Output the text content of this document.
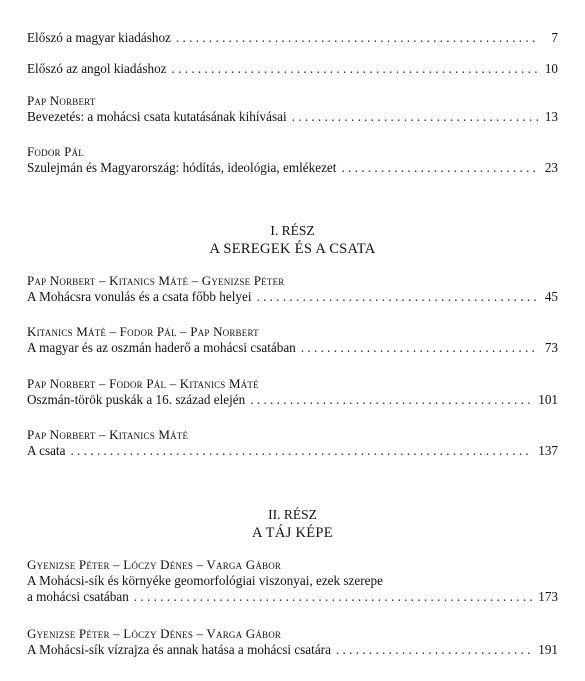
Előszó a magyar kiadáshoz . . .	7
Előszó az angol kiadáshoz . . .	10
Pap Norbert
Bevezetés: a mohácsi csata kutatásának kihívásai . . .	13
Fodor Pál
Szulejmán és Magyarország: hódítás, ideológia, emlékezet . . .	23
I. RÉSZ
A SEREGEK ÉS A CSATA
Pap Norbert – Kitanics Máté – Gyenizse Péter
A Mohácsra vonulás és a csata főbb helyei . . .	45
Kitanics Máté – Fodor Pál – Pap Norbert
A magyar és az oszmán haderő a mohácsi csatában . . .	73
Pap Norbert – Fodor Pál – Kitanics Máté
Oszmán-török puskák a 16. század elején . . .	101
Pap Norbert – Kitanics Máté
A csata . . .	137
II. RÉSZ
A TÁJ KÉPE
Gyenizse Péter – Lóczy Dénes – Varga Gábor
A Mohácsi-sík és környéke geomorfológiai viszonyai, ezek szerepe
a mohácsi csatában . . .	173
Gyenizse Péter – Lóczy Dénes – Varga Gábor
A Mohácsi-sík vízrajza és annak hatása a mohácsi csatára . . .	191
